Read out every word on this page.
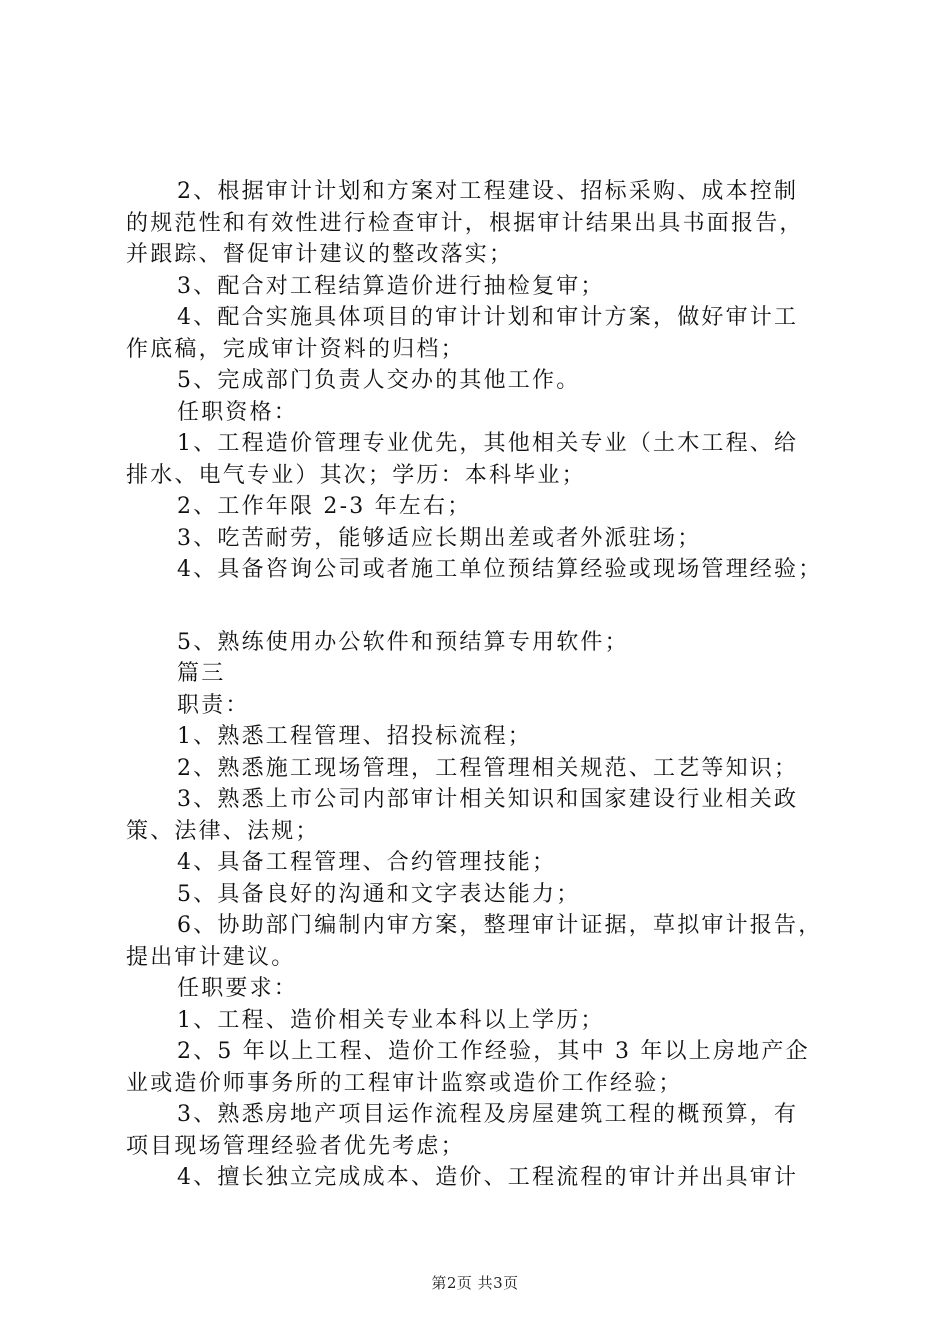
2、根据审计计划和方案对工程建设、招标采购、成本控制
的规范性和有效性进行检查审计，根据审计结果出具书面报告，
并跟踪、督促审计建议的整改落实；
3、配合对工程结算造价进行抽检复审；
4、配合实施具体项目的审计计划和审计方案，做好审计工
作底稿，完成审计资料的归档；
5、完成部门负责人交办的其他工作。
任职资格：
1、工程造价管理专业优先，其他相关专业（土木工程、给
排水、电气专业）其次；学历：本科毕业；
2、工作年限 2-3 年左右；
3、吃苦耐劳，能够适应长期出差或者外派驻场；
4、具备咨询公司或者施工单位预结算经验或现场管理经验；
5、熟练使用办公软件和预结算专用软件；
篇三
职责：
1、熟悉工程管理、招投标流程；
2、熟悉施工现场管理，工程管理相关规范、工艺等知识；
3、熟悉上市公司内部审计相关知识和国家建设行业相关政
策、法律、法规；
4、具备工程管理、合约管理技能；
5、具备良好的沟通和文字表达能力；
6、协助部门编制内审方案，整理审计证据，草拟审计报告，
提出审计建议。
任职要求：
1、工程、造价相关专业本科以上学历；
2、5 年以上工程、造价工作经验，其中 3 年以上房地产企
业或造价师事务所的工程审计监察或造价工作经验；
3、熟悉房地产项目运作流程及房屋建筑工程的概预算，有
项目现场管理经验者优先考虑；
4、擅长独立完成成本、造价、工程流程的审计并出具审计
第2页 共3页
